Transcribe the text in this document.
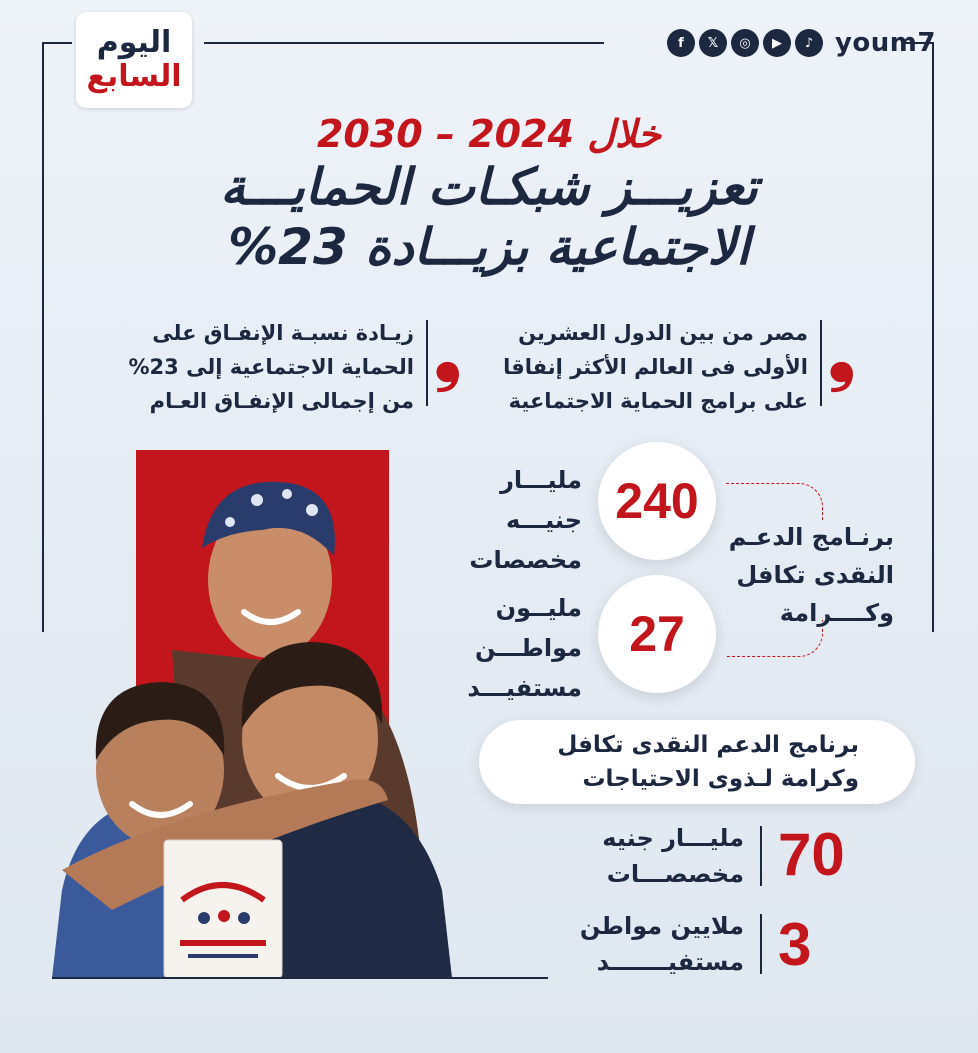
اليوم
السابع
f	𝕏	◎	▶	♪ youm7
خلال 2024 – 2030
تعزيـــز شبكـات الحمايـــة
الاجتماعية بزيـــادة 23%
❟
مصر من بين الدول العشرين
الأولى فى العالم الأكثر إنفاقا
على برامج الحماية الاجتماعية
❟
زيـادة نسبـة الإنفـاق على
الحماية الاجتماعية إلى 23%
من إجمالى الإنفـاق العـام
240
مليـــار
جنيـــه
مخصصات
27
مليــون
مواطـــن
مستفيـــد
برنـامج الدعـم
النقدى تكافل
وكــــرامة
برنامج الدعم النقدى تكافل
وكرامة لـذوى الاحتياجات
70
مليـــار جنيه
مخصصـــات
3
ملايين مواطن
مستفيـــــــد
